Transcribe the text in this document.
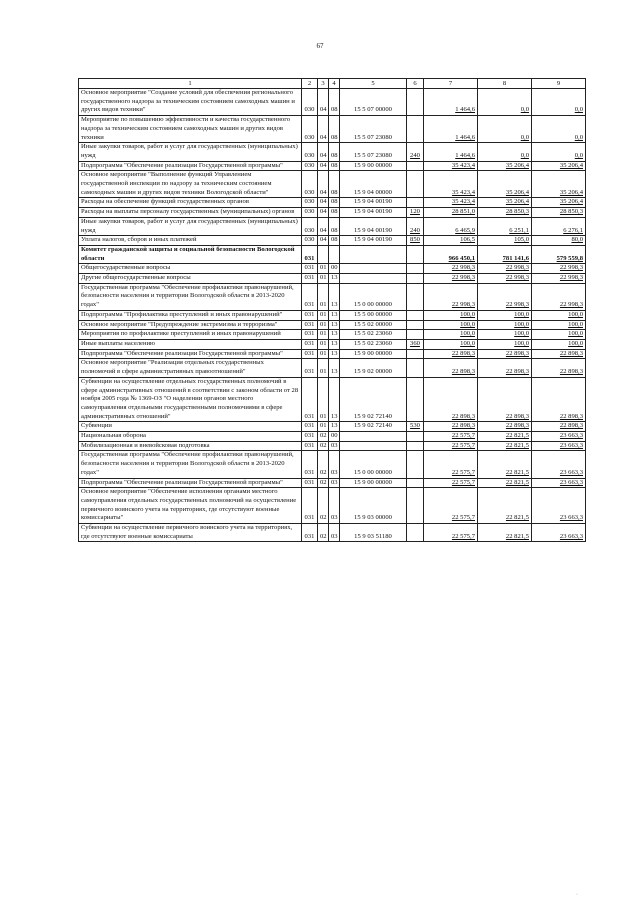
67
1	2	3	4	5	6	7	8	9
Основное мероприятие "Создание условий для обеспечения регионального государственного надзора за техническим состоянием самоходных машин и других видов техники"	030	04	08	15 5 07 00000		1 464,6	0,0	0,0
Мероприятие по повышению эффективности и качества государственного надзора за техническим состоянием самоходных машин и других видов техники	030	04	08	15 5 07 23080		1 464,6	0,0	0,0
Иные закупки товаров, работ и услуг для государственных (муниципальных) нужд	030	04	08	15 5 07 23080	240	1 464,6	0,0	0,0
Подпрограмма "Обеспечение реализации Государственной программы"	030	04	08	15 9 00 00000		35 423,4	35 206,4	35 206,4
Основное мероприятие "Выполнение функций Управлением государственной инспекции по надзору за техническим состоянием самоходных машин и других видов техники Вологодской области"	030	04	08	15 9 04 00000		35 423,4	35 206,4	35 206,4
Расходы на обеспечение функций государственных органов	030	04	08	15 9 04 00190		35 423,4	35 206,4	35 206,4
Расходы на выплаты персоналу государственных (муниципальных) органов	030	04	08	15 9 04 00190	120	28 851,0	28 850,3	28 850,3
Иные закупки товаров, работ и услуг для государственных (муниципальных) нужд	030	04	08	15 9 04 00190	240	6 465,9	6 251,1	6 276,1
Уплата налогов, сборов и иных платежей	030	04	08	15 9 04 00190	850	106,5	105,0	80,0
Комитет гражданской защиты и социальной безопасности Вологодской области	031					966 450,1	781 141,6	579 559,8
Общегосударственные вопросы	031	01	00			22 998,3	22 998,3	22 998,3
Другие общегосударственные вопросы	031	01	13			22 998,3	22 998,3	22 998,3
Государственная программа "Обеспечение профилактики правонарушений, безопасности населения и территории Вологодской области в 2013-2020 годах"	031	01	13	15 0 00 00000		22 998,3	22 998,3	22 998,3
Подпрограмма "Профилактика преступлений и иных правонарушений"	031	01	13	15 5 00 00000		100,0	100,0	100,0
Основное мероприятие "Предупреждение экстремизма и терроризма"	031	01	13	15 5 02 00000		100,0	100,0	100,0
Мероприятия по профилактике преступлений и иных правонарушений	031	01	13	15 5 02 23060		100,0	100,0	100,0
Иные выплаты населению	031	01	13	15 5 02 23060	360	100,0	100,0	100,0
Подпрограмма "Обеспечение реализации Государственной программы"	031	01	13	15 9 00 00000		22 898,3	22 898,3	22 898,3
Основное мероприятие "Реализация отдельных государственных полномочий в сфере административных правоотношений"	031	01	13	15 9 02 00000		22 898,3	22 898,3	22 898,3
Субвенции на осуществление отдельных государственных полномочий в сфере административных отношений в соответствии с законом области от 28 ноября 2005 года № 1369-ОЗ "О наделении органов местного самоуправления отдельными государственными полномочиями в сфере административных отношений"	031	01	13	15 9 02 72140		22 898,3	22 898,3	22 898,3
Субвенции	031	01	13	15 9 02 72140	530	22 898,3	22 898,3	22 898,3
Национальная оборона	031	02	00			22 575,7	22 821,5	23 663,3
Мобилизационная и вневойсковая подготовка	031	02	03			22 575,7	22 821,5	23 663,3
Государственная программа "Обеспечение профилактики правонарушений, безопасности населения и территории Вологодской области в 2013-2020 годах"	031	02	03	15 0 00 00000		22 575,7	22 821,5	23 663,3
Подпрограмма "Обеспечение реализации Государственной программы"	031	02	03	15 9 00 00000		22 575,7	22 821,5	23 663,3
Основное мероприятие "Обеспечение исполнения органами местного самоуправления отдельных государственных полномочий на осуществление первичного воинского учета на территориях, где отсутствуют военные комиссариаты"	031	02	03	15 9 03 00000		22 575,7	22 821,5	23 663,3
Субвенции на осуществление первичного воинского учета на территориях, где отсутствуют военные комиссариаты	031	02	03	15 9 03 51180		22 575,7	22 821,5	23 663,3
·
